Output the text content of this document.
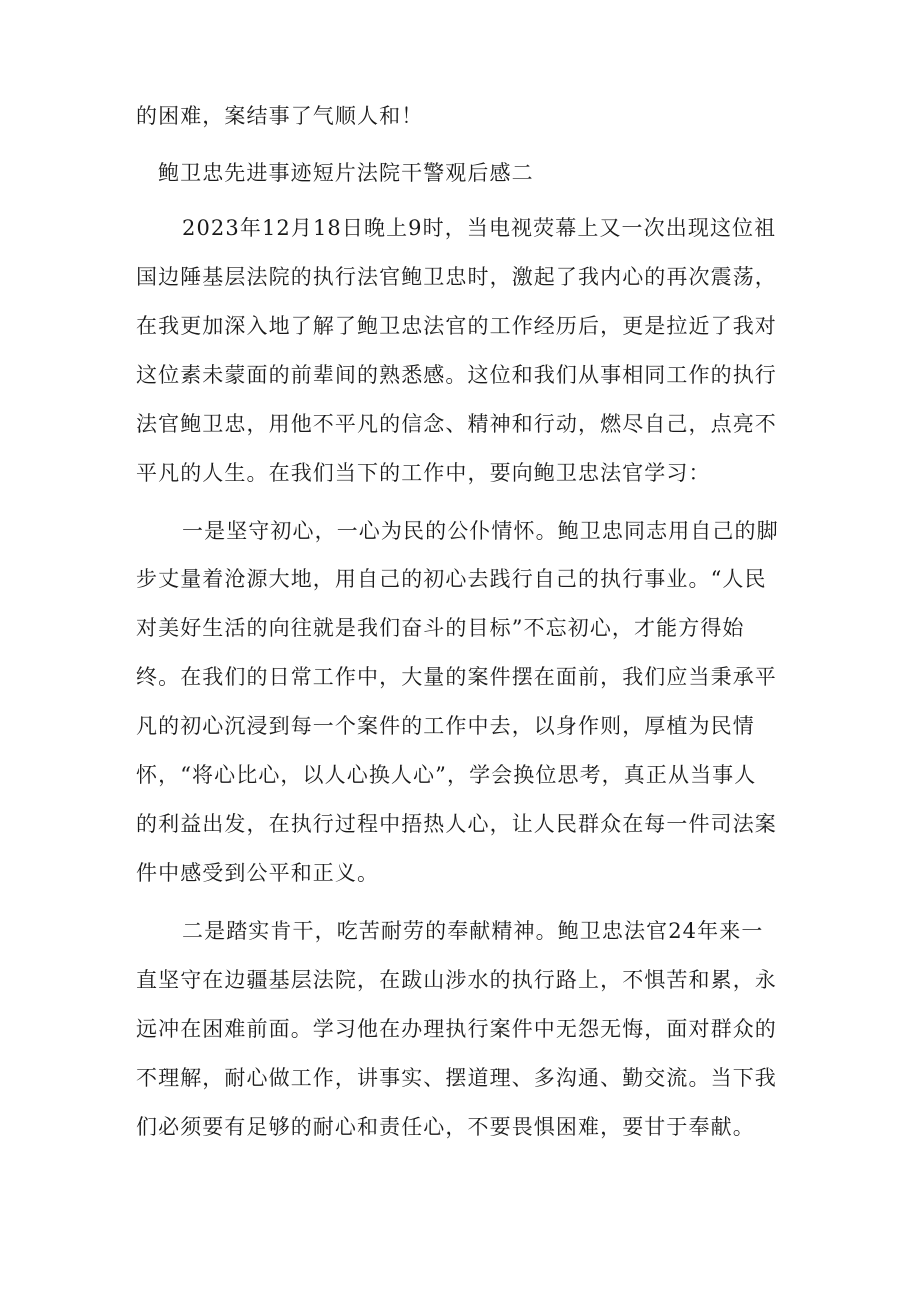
的困难，案结事了气顺人和！
鲍卫忠先进事迹短片法院干警观后感二
2023年12月18日晚上9时，当电视荧幕上又一次出现这位祖
国边陲基层法院的执行法官鲍卫忠时，激起了我内心的再次震荡，
在我更加深入地了解了鲍卫忠法官的工作经历后，更是拉近了我对
这位素未蒙面的前辈间的熟悉感。这位和我们从事相同工作的执行
法官鲍卫忠，用他不平凡的信念、精神和行动，燃尽自己，点亮不
平凡的人生。在我们当下的工作中，要向鲍卫忠法官学习：
一是坚守初心，一心为民的公仆情怀。鲍卫忠同志用自己的脚
步丈量着沧源大地，用自己的初心去践行自己的执行事业。“人民
对美好生活的向往就是我们奋斗的目标”不忘初心，才能方得始
终。在我们的日常工作中，大量的案件摆在面前，我们应当秉承平
凡的初心沉浸到每一个案件的工作中去，以身作则，厚植为民情
怀，“将心比心，以人心换人心”，学会换位思考，真正从当事人
的利益出发，在执行过程中捂热人心，让人民群众在每一件司法案
件中感受到公平和正义。
二是踏实肯干，吃苦耐劳的奉献精神。鲍卫忠法官24年来一
直坚守在边疆基层法院，在跋山涉水的执行路上，不惧苦和累，永
远冲在困难前面。学习他在办理执行案件中无怨无悔，面对群众的
不理解，耐心做工作，讲事实、摆道理、多沟通、勤交流。当下我
们必须要有足够的耐心和责任心，不要畏惧困难，要甘于奉献。
